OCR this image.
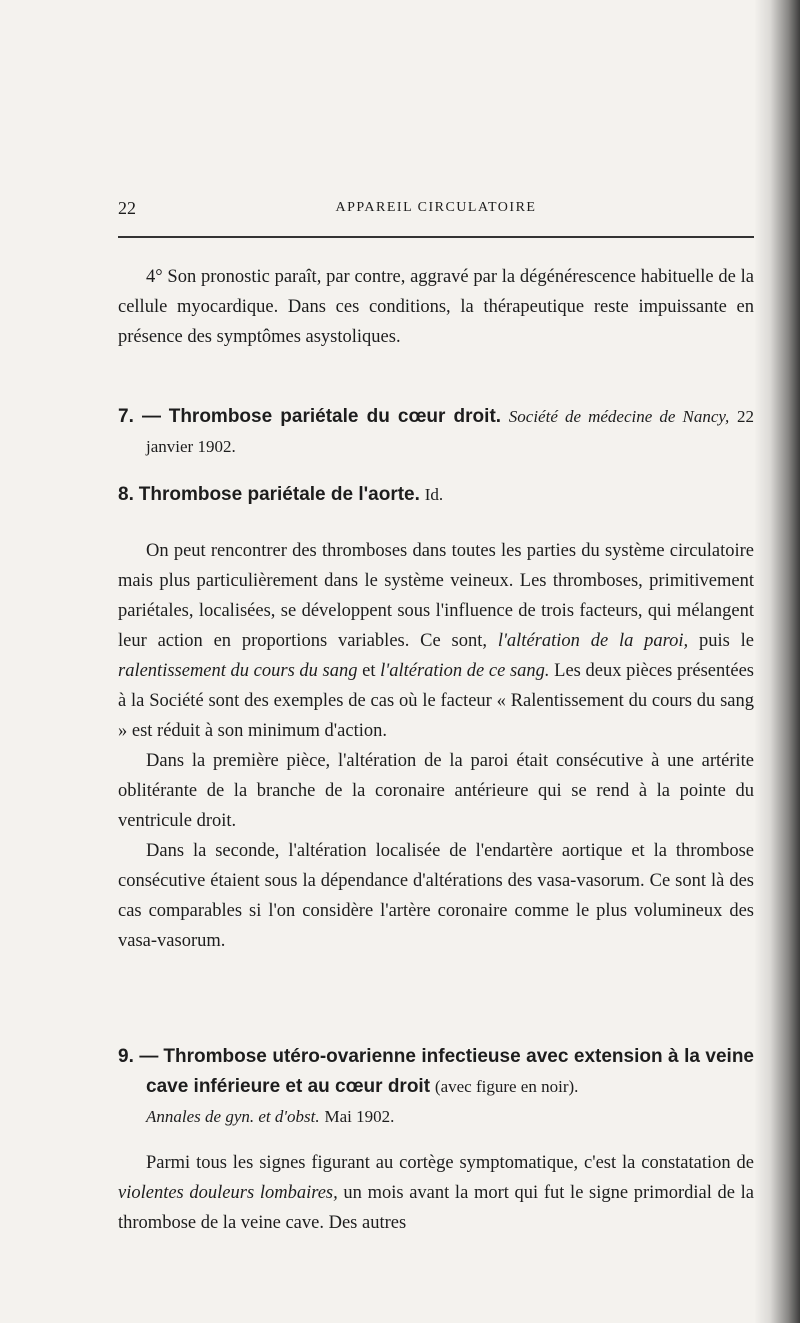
22	APPAREIL CIRCULATOIRE

4° Son pronostic paraît, par contre, aggravé par la dégénérescence habituelle de la cellule myocardique. Dans ces conditions, la thérapeutique reste impuissante en présence des symptômes asystoliques.

7. — Thrombose pariétale du cœur droit. Société de médecine de Nancy, 22 janvier 1902.

8. Thrombose pariétale de l'aorte. Id.

On peut rencontrer des thromboses dans toutes les parties du système circulatoire mais plus particulièrement dans le système veineux. Les thromboses, primitivement pariétales, localisées, se développent sous l'influence de trois facteurs, qui mélangent leur action en proportions variables. Ce sont, l'altération de la paroi, puis le ralentissement du cours du sang et l'altération de ce sang. Les deux pièces présentées à la Société sont des exemples de cas où le facteur « Ralentissement du cours du sang » est réduit à son minimum d'action.

Dans la première pièce, l'altération de la paroi était consécutive à une artérite oblitérante de la branche de la coronaire antérieure qui se rend à la pointe du ventricule droit.

Dans la seconde, l'altération localisée de l'endartère aortique et la thrombose consécutive étaient sous la dépendance d'altérations des vasa-vasorum. Ce sont là des cas comparables si l'on considère l'artère coronaire comme le plus volumineux des vasa-vasorum.

9. — Thrombose utéro-ovarienne infectieuse avec extension à la veine cave inférieure et au cœur droit (avec figure en noir).
Annales de gyn. et d'obst. Mai 1902.

Parmi tous les signes figurant au cortège symptomatique, c'est la constatation de violentes douleurs lombaires, un mois avant la mort qui fut le signe primordial de la thrombose de la veine cave. Des autres
